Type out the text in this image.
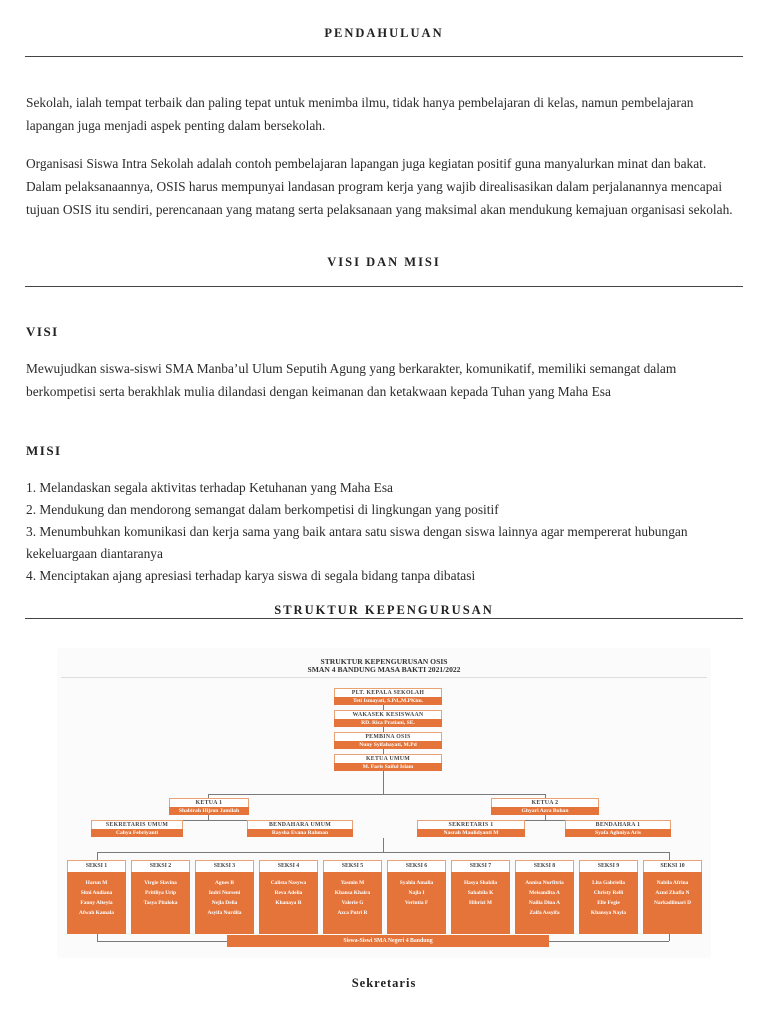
PENDAHULUAN

Sekolah, ialah tempat terbaik dan paling tepat untuk menimba ilmu, tidak hanya pembelajaran di kelas, namun pembelajaran lapangan juga menjadi aspek penting dalam bersekolah.

Organisasi Siswa Intra Sekolah adalah contoh pembelajaran lapangan juga kegiatan positif guna manyalurkan minat dan bakat. Dalam pelaksanaannya, OSIS harus mempunyai landasan program kerja yang wajib direalisasikan dalam perjalanannya mencapai tujuan OSIS itu sendiri, perencanaan yang matang serta pelaksanaan yang maksimal akan mendukung kemajuan organisasi sekolah.

VISI DAN MISI
VISI

Mewujudkan siswa-siswi SMA Manba’ul Ulum Seputih Agung yang berkarakter, komunikatif, memiliki semangat dalam berkompetisi serta berakhlak mulia dilandasi dengan keimanan dan ketakwaan kepada Tuhan yang Maha Esa

MISI
1. Melandaskan segala aktivitas terhadap Ketuhanan yang Maha Esa
2. Mendukung dan mendorong semangat dalam berkompetisi di lingkungan yang positif
3. Menumbuhkan komunikasi dan kerja sama yang baik antara satu siswa dengan siswa lainnya agar mempererat hubungan kekeluargaan diantaranya
4. Menciptakan ajang apresiasi terhadap karya siswa di segala bidang tanpa dibatasi
STRUKTUR KEPENGURUSAN
STRUKTUR KEPENGURUSAN OSIS
SMAN 4 BANDUNG MASA BAKTI 2021/2022
PLT. KEPALA SEKOLAH
Teti Ismayati, S.Pd.,M.PKim.
WAKASEK KESISWAAN
RD. Rica Pratiani, SE.
PEMBINA OSIS
Nuny Syifahayati, M.Pd
KETUA UMUM
M. Faris Saiful Islam
KETUA 1
Shabirah Hijron Jamilah
KETUA 2
Ghyari Azra Bohan
SEKRETARIS UMUM
Cahya Febriyanti
BENDAHARA UMUM
Raysha Evana Rahman
SEKRETARIS 1
Nasrah Maulidyanti M
BENDAHARA 1
Syafa Aghniya Aris
SEKSI 1
Harun M
Sitni Andiana
Fanny Alteyia
Afwah Kamala
SEKSI 2
Virgie Slavina
Pritiliya Urip
Tasya Pitaloka
SEKSI 3
Agnes B
Indri Nurseni
Nejla Delia
Asyifa Nurdila
SEKSI 4
Calista Nasywa
Reva Adelia
Khanaya R
SEKSI 5
Yasmin M
Khansa Khaira
Valerie G
Azca Putri R
SEKSI 6
Syahla Amalia
Najla I
Verintia F
SEKSI 7
Hasya Shakila
Sahabila K
Hibrizi M
SEKSI 8
Annisa Nurfitria
Meisandita A
Nailia Dina A
Zalfa Assyifa
SEKSI 9
Lita Gabriella
Christy Relli
Elle Fegie
Khansya Nayla
SEKSI 10
Nabila Afrina
Azmi Zhafla N
Narkadilmari D
Siswa-Siswi SMA Negeri 4 Bandung
Sekretaris
